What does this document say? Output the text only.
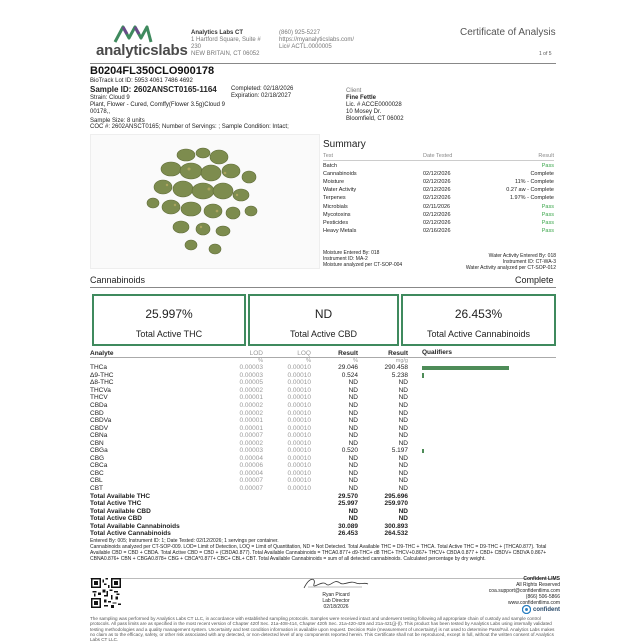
analyticslabs
Analytics Labs CT
1 Hartford Square, Suite # 230
NEW BRITAIN, CT 06052
(860) 925-5227
https://myanalyticslabs.com/
Lic# ACTL.0000005
Certificate of Analysis
1 of 5
B0204FL350CLO900178
BioTrack Lot ID: 5953 4061 7486 4692
Sample ID: 2602ANSCT0165-1164 Completed: 02/18/2026
Expiration: 02/18/2027
Strain: Cloud 9
Plant, Flower - Cured, Comffy(Flower 3.5g)Cloud 9
00178,,
Client
Fine Fettle
Lic. # ACCE0000028
10 Mosey Dr.
Bloomfield, CT 06002
Sample Size: 8 units
COC #: 2602ANSCT0165; Number of Servings: ; Sample Condition: Intact;
Summary
Test	Date Tested	Result
Batch	Pass
Cannabinoids	02/12/2026	Complete
Moisture	02/12/2026	11% - Complete
Water Activity	02/12/2026	0.27 aw - Complete
Terpenes	02/12/2026	1.97% - Complete
Microbials	02/11/2026	Pass
Mycotoxins	02/12/2026	Pass
Pesticides	02/12/2026	Pass
Heavy Metals	02/16/2026	Pass
Moisture Entered By: 018
Instrument ID: MA-2
Moisture analyzed per CT-SOP-004
Water Activity Entered By: 018
Instrument ID: CT-WA-3
Water Activity analyzed per CT-SOP-012
Cannabinoids	Complete
25.997%
Total Active THC
ND
Total Active CBD
26.453%
Total Active Cannabinoids
Analyte	LOD	LOQ	Result	Result	Qualifiers
%	%	%	mg/g
THCa	0.00003	0.00010	29.046	290.458
Δ9-THC	0.00003	0.00010	0.524	5.238
Δ8-THC	0.00005	0.00010	ND	ND
THCVa	0.00002	0.00010	ND	ND
THCV	0.00001	0.00010	ND	ND
CBDa	0.00002	0.00010	ND	ND
CBD	0.00002	0.00010	ND	ND
CBDVa	0.00001	0.00010	ND	ND
CBDV	0.00001	0.00010	ND	ND
CBNa	0.00007	0.00010	ND	ND
CBN	0.00002	0.00010	ND	ND
CBGa	0.00003	0.00010	0.520	5.197
CBG	0.00004	0.00010	ND	ND
CBCa	0.00006	0.00010	ND	ND
CBC	0.00004	0.00010	ND	ND
CBL	0.00007	0.00010	ND	ND
CBT	0.00007	0.00010	ND	ND
Total Available THC	29.570	295.696
Total Active THC	25.997	259.970
Total Available CBD	ND	ND
Total Active CBD	ND	ND
Total Available Cannabinoids	30.089	300.893
Total Active Cannabinoids	26.453	264.532
Entered By: 005; Instrument ID: 1; Date Tested: 02/12/2026; 1 servings per container.
Cannabinoids analyzed per CT-SOP-009. LOD= Limit of Detection, LOQ = Limit of Quantitation, ND = Not Detected. Total Available THC = D9-THC + THCA. Total Active THC = D9-THC + (THCA0.877). Total Available CBD = CBD + CBDA. Total Active CBD = CBD + (CBDA0.877). Total Available Cannabinoids = THCA0.877+ d9-THC+ d8 THC+ THCV+0.867+ THCV+ CBDA 0.877 + CBD+ CBDV+ CBDVA 0.867+ CBNA0.876+ CBN + CBGA0.878+ CBG + CBCA*0.877+ CBC+ CBL+ CBT. Total Available Cannabinoids = sum of all detected cannabinoids. Calculated percentage by dry weight.
Ryan Picard
Lab Director
02/18/2026
Confident LIMS
All Rights Reserved
coa.support@confidentlims.com
(866) 506-5866
www.confidentlims.com
confident
The sampling was performed by Analytics Labs CT LLC, in accordance with established sampling protocols. Samples were received intact and underwent testing following all appropriate chain of custody and sample control protocols. All pass limits are as specified in the most recent version of Chapter 420f Sec. 21a-408-414, Chapter 420h Sec. 21a-420-429 and 21a-421(j)-(l). This product has been tested by Analytics Labs using internally validated testing methodologies and a quality management system. Uncertainty and test condition information is available upon request. Decision Rule (measurement of uncertainty) is not used to determine Pass/Fail. Analytics Labs makes no claim as to the efficacy, safety, or other risk associated with any detected, or non-detected level of any components reported herein. This Certificate shall not be reproduced, except in full, without the written consent of Analytics Labs CT LLC.
